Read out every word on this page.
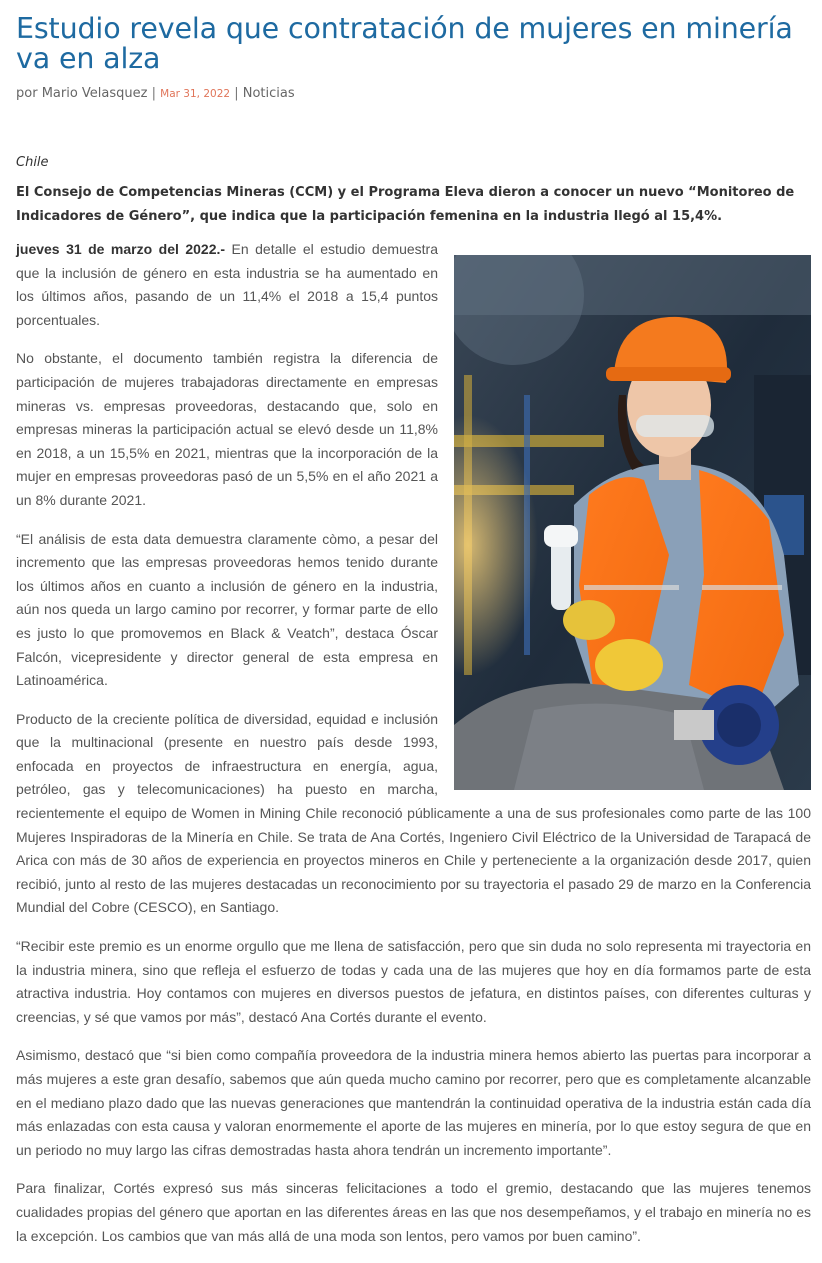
Estudio revela que contratación de mujeres en minería va en alza
por Mario Velasquez | Mar 31, 2022 | Noticias
Chile
El Consejo de Competencias Mineras (CCM) y el Programa Eleva dieron a conocer un nuevo “Monitoreo de Indicadores de Género”, que indica que la participación femenina en la industria llegó al 15,4%.

jueves 31 de marzo del 2022.- En detalle el estudio demuestra que la inclusión de género en esta industria se ha aumentado en los últimos años, pasando de un 11,4% el 2018 a 15,4 puntos porcentuales.

No obstante, el documento también registra la diferencia de participación de mujeres trabajadoras directamente en empresas mineras vs. empresas proveedoras, destacando que, solo en empresas mineras la participación actual se elevó desde un 11,8% en 2018, a un 15,5% en 2021, mientras que la incorporación de la mujer en empresas proveedoras pasó de un 5,5% en el año 2021 a un 8% durante 2021.

“El análisis de esta data demuestra claramente còmo, a pesar del incremento que las empresas proveedoras hemos tenido durante los últimos años en cuanto a inclusión de género en la industria, aún nos queda un largo camino por recorrer, y formar parte de ello es justo lo que promovemos en Black & Veatch”, destaca Óscar Falcón, vicepresidente y director general de esta empresa en Latinoamérica.

Producto de la creciente política de diversidad, equidad e inclusión que la multinacional (presente en nuestro país desde 1993, enfocada en proyectos de infraestructura en energía, agua, petróleo, gas y telecomunicaciones) ha puesto en marcha, recientemente el equipo de Women in Mining Chile reconoció públicamente a una de sus profesionales como parte de las 100 Mujeres Inspiradoras de la Minería en Chile. Se trata de Ana Cortés, Ingeniero Civil Eléctrico de la Universidad de Tarapacá de Arica con más de 30 años de experiencia en proyectos mineros en Chile y perteneciente a la organización desde 2017, quien recibió, junto al resto de las mujeres destacadas un reconocimiento por su trayectoria el pasado 29 de marzo en la Conferencia Mundial del Cobre (CESCO), en Santiago.

“Recibir este premio es un enorme orgullo que me llena de satisfacción, pero que sin duda no solo representa mi trayectoria en la industria minera, sino que refleja el esfuerzo de todas y cada una de las mujeres que hoy en día formamos parte de esta atractiva industria. Hoy contamos con mujeres en diversos puestos de jefatura, en distintos países, con diferentes culturas y creencias, y sé que vamos por más”, destacó Ana Cortés durante el evento.

Asimismo, destacó que “si bien como compañía proveedora de la industria minera hemos abierto las puertas para incorporar a más mujeres a este gran desafío, sabemos que aún queda mucho camino por recorrer, pero que es completamente alcanzable en el mediano plazo dado que las nuevas generaciones que mantendrán la continuidad operativa de la industria están cada día más enlazadas con esta causa y valoran enormemente el aporte de las mujeres en minería, por lo que estoy segura de que en un periodo no muy largo las cifras demostradas hasta ahora tendrán un incremento importante”.

Para finalizar, Cortés expresó sus más sinceras felicitaciones a todo el gremio, destacando que las mujeres tenemos cualidades propias del género que aportan en las diferentes áreas en las que nos desempeñamos, y el trabajo en minería no es la excepción. Los cambios que van más allá de una moda son lentos, pero vamos por buen camino”.
